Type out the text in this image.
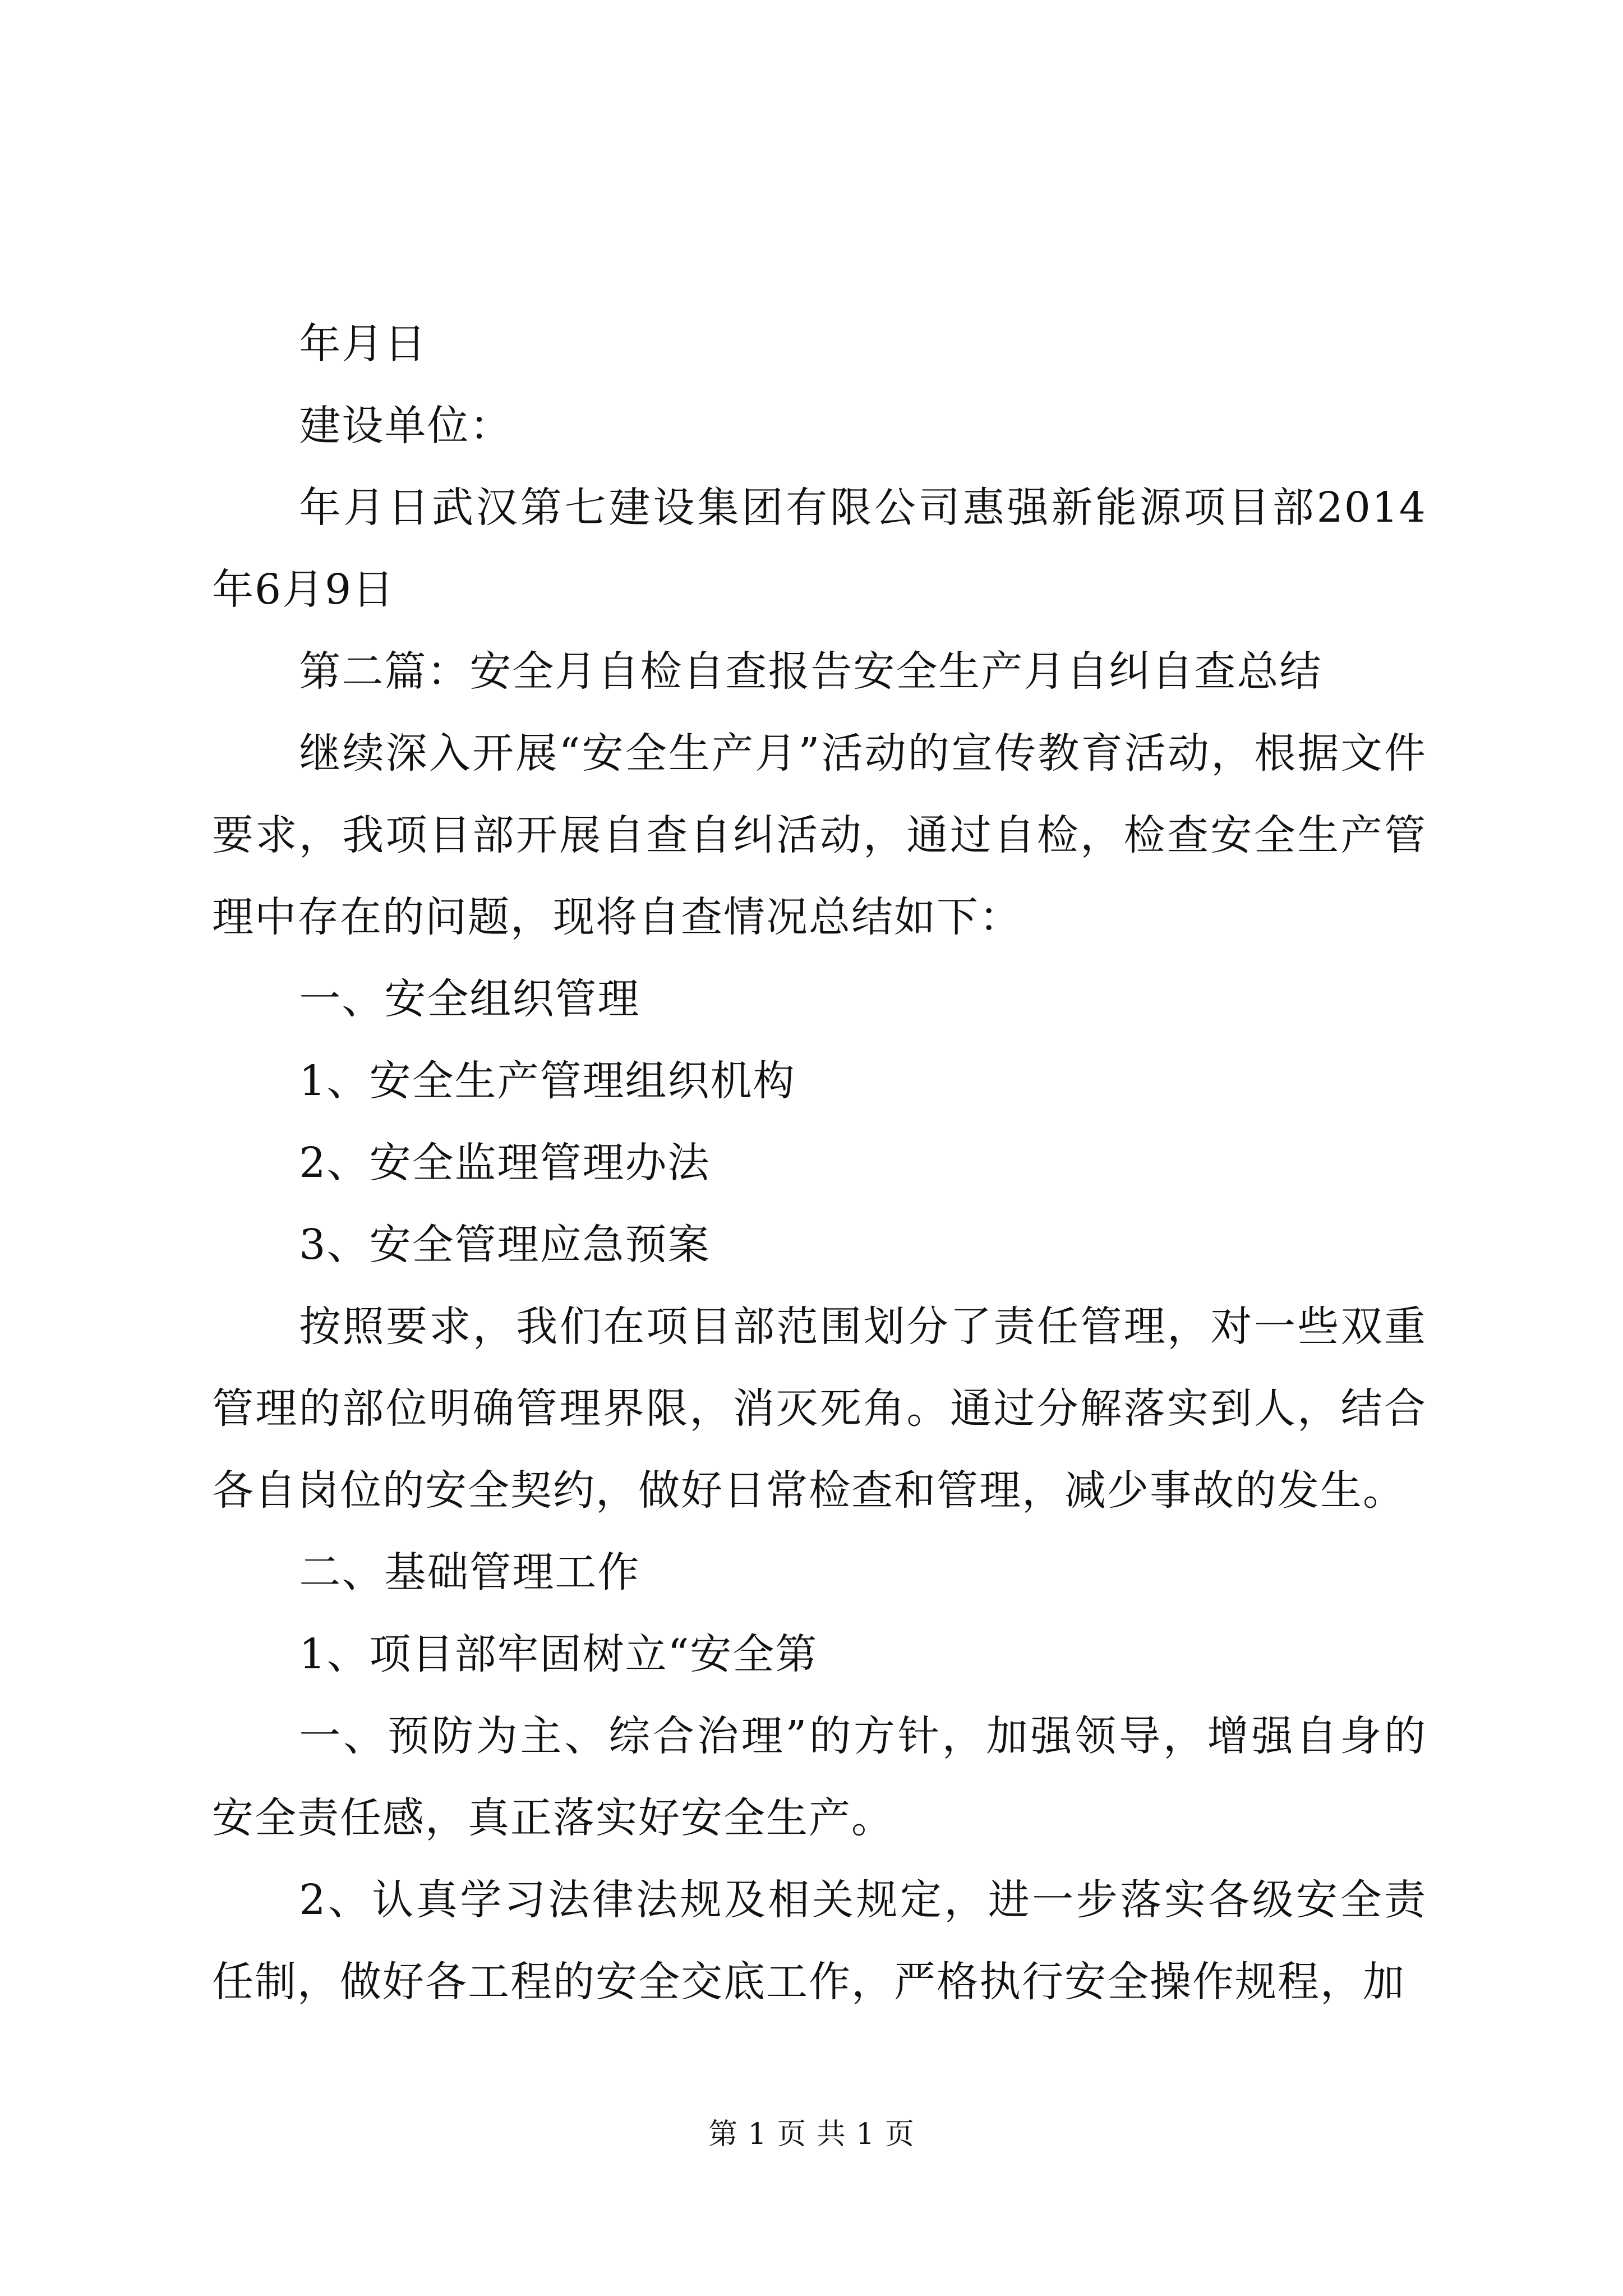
年月日

建设单位：

年月日武汉第七建设集团有限公司惠强新能源项目部2014年6月9日

第二篇：安全月自检自查报告安全生产月自纠自查总结

继续深入开展“安全生产月”活动的宣传教育活动，根据文件要求，我项目部开展自查自纠活动，通过自检，检查安全生产管理中存在的问题，现将自查情况总结如下：

一、安全组织管理

1、安全生产管理组织机构

2、安全监理管理办法

3、安全管理应急预案

按照要求，我们在项目部范围划分了责任管理，对一些双重管理的部位明确管理界限，消灭死角。通过分解落实到人，结合各自岗位的安全契约，做好日常检查和管理，减少事故的发生。

二、基础管理工作

1、项目部牢固树立“安全第

一、预防为主、综合治理”的方针，加强领导，增强自身的安全责任感，真正落实好安全生产。

2、认真学习法律法规及相关规定，进一步落实各级安全责任制，做好各工程的安全交底工作，严格执行安全操作规程，加

第 1 页 共 1 页
